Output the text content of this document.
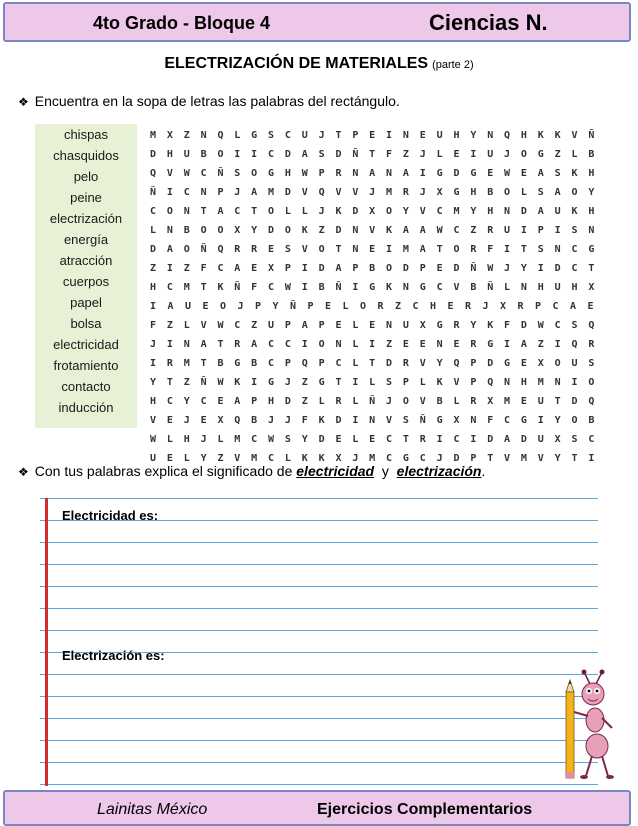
4to Grado - Bloque 4	Ciencias N.
ELECTRIZACIÓN DE MATERIALES (parte 2)
❖ Encuentra en la sopa de letras las palabras del rectángulo.
chispas
chasquidos
pelo
peine
electrización
energía
atracción
cuerpos
papel
bolsa
electricidad
frotamiento
contacto
inducción
M	X	Z	N	Q	L	G	S	C	U	J	T	P	E	I	N	E	U	H	Y	N	Q	H	K	K	V	Ñ
D	H	U	B	O	I	I	C	D	A	S	D	Ñ	T	F	Z	J	L	E	I	U	J	O	G	Z	L	B
Q	V	W	C	Ñ	S	O	G	H	W	P	R	N	A	N	A	I	G	D	G	E	W	E	A	S	K	H
Ñ	I	C	N	P	J	A	M	D	V	Q	V	V	J	M	R	J	X	G	H	B	O	L	S	A	O	Y
C	O	N	T	A	C	T	O	L	L	J	K	D	X	O	Y	V	C	M	Y	H	N	D	A	U	K	H
L	N	B	O	O	X	Y	D	O	K	Z	D	N	V	K	A	A	W	C	Z	R	U	I	P	I	S	N
D	A	O	Ñ	Q	R	R	E	S	V	O	T	N	E	I	M	A	T	O	R	F	I	T	S	N	C	G
Z	I	Z	F	C	A	E	X	P	I	D	A	P	B	O	D	P	E	D	Ñ	W	J	Y	I	D	C	T
H	C	M	T	K	Ñ	F	C	W	I	B	Ñ	I	G	K	N	G	C	V	B	Ñ	L	N	H	U	H	X
I	A	U	E	O	J	P	Y	Ñ	P	E	L	O	R	Z	C	H	E	R	J	X	R	P	C	A	E
F	Z	L	V	W	C	Z	U	P	A	P	E	L	E	N	U	X	G	R	Y	K	F	D	W	C	S	Q
J	I	N	A	T	R	A	C	C	I	O	N	L	I	Z	E	E	N	E	R	G	I	A	Z	I	Q	R
I	R	M	T	B	G	B	C	P	Q	P	C	L	T	D	R	V	Y	Q	P	D	G	E	X	O	U	S
Y	T	Z	Ñ	W	K	I	G	J	Z	G	T	I	L	S	P	L	K	V	P	Q	N	H	M	N	I	O
H	C	Y	C	E	A	P	H	D	Z	L	R	L	Ñ	J	O	V	B	L	R	X	M	E	U	T	D	Q
V	E	J	E	X	Q	B	J	J	F	K	D	I	N	V	S	Ñ	G	X	N	F	C	G	I	Y	O	B
W	L	H	J	L	M	C	W	S	Y	D	E	L	E	C	T	R	I	C	I	D	A	D	U	X	S	C
U	E	L	Y	Z	V	M	C	L	K	K	X	J	M	C	G	C	J	D	P	T	V	M	V	Y	T	I
❖ Con tus palabras explica el significado de electricidad  y  electrización.
Electricidad es:
Electrización es:
Lainitas México	Ejercicios Complementarios
